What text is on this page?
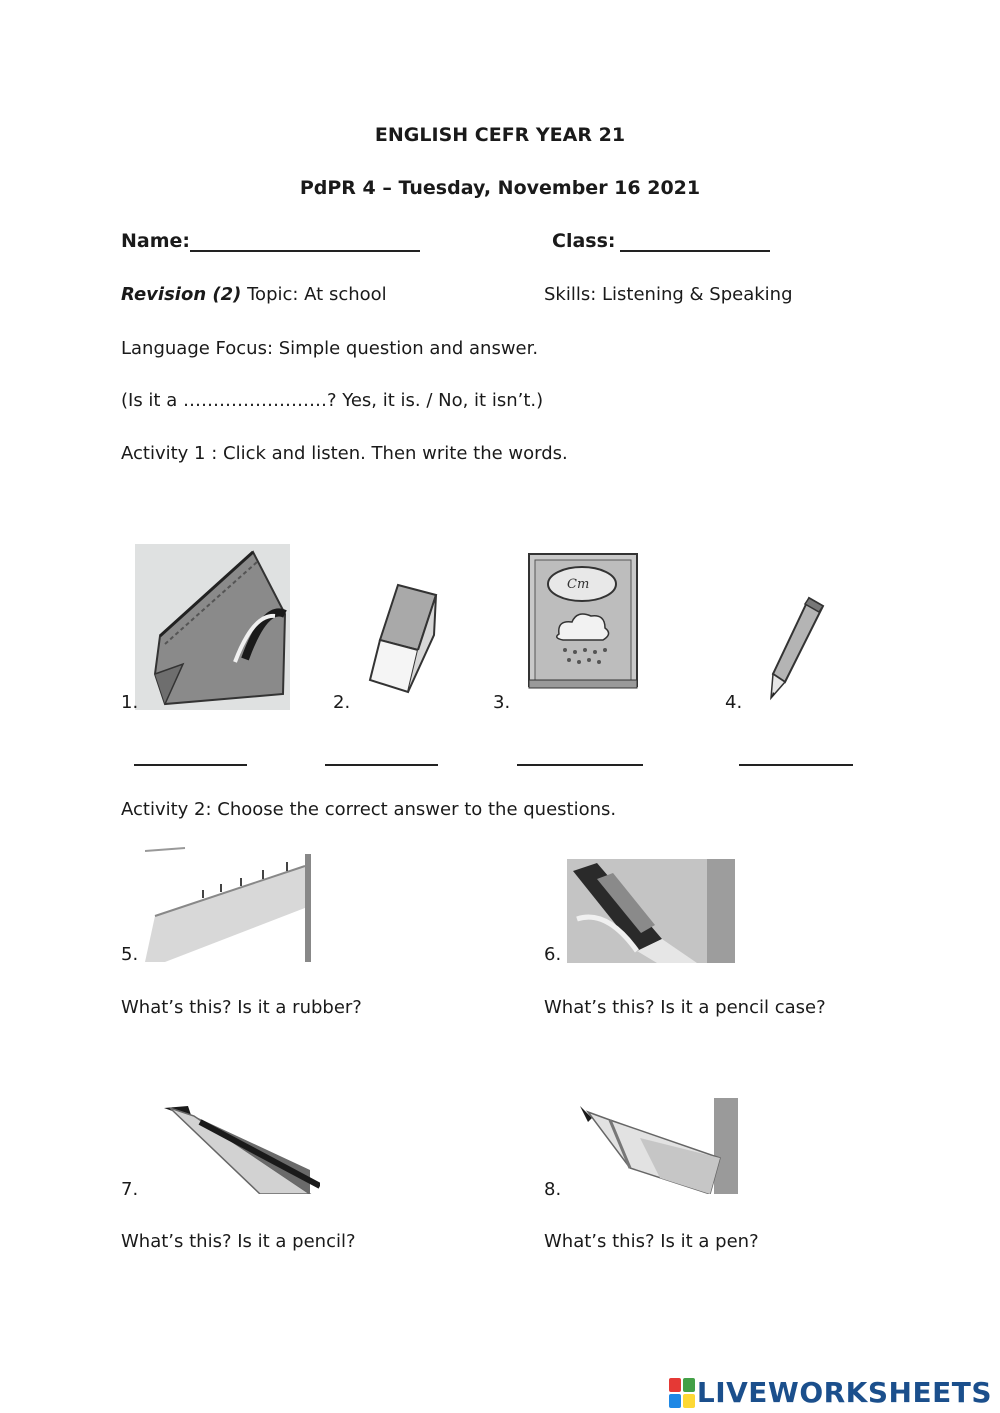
ENGLISH CEFR YEAR 21
PdPR 4 – Tuesday, November 16 2021
Name:	Class:
Revision (2) Topic: At school	Skills: Listening & Speaking
Language Focus: Simple question and answer.
(Is it a ……………………? Yes, it is. / No, it isn’t.)
Activity 1 : Click and listen. Then write the words.
1.	2.
Cm
3.	4.
Activity 2: Choose the correct answer to the questions.
5.	6.
What’s this? Is it a rubber?	What’s this? Is it a pencil case?
7.	8.
What’s this? Is it a pencil?	What’s this? Is it a pen?
LIVEWORKSHEETS
